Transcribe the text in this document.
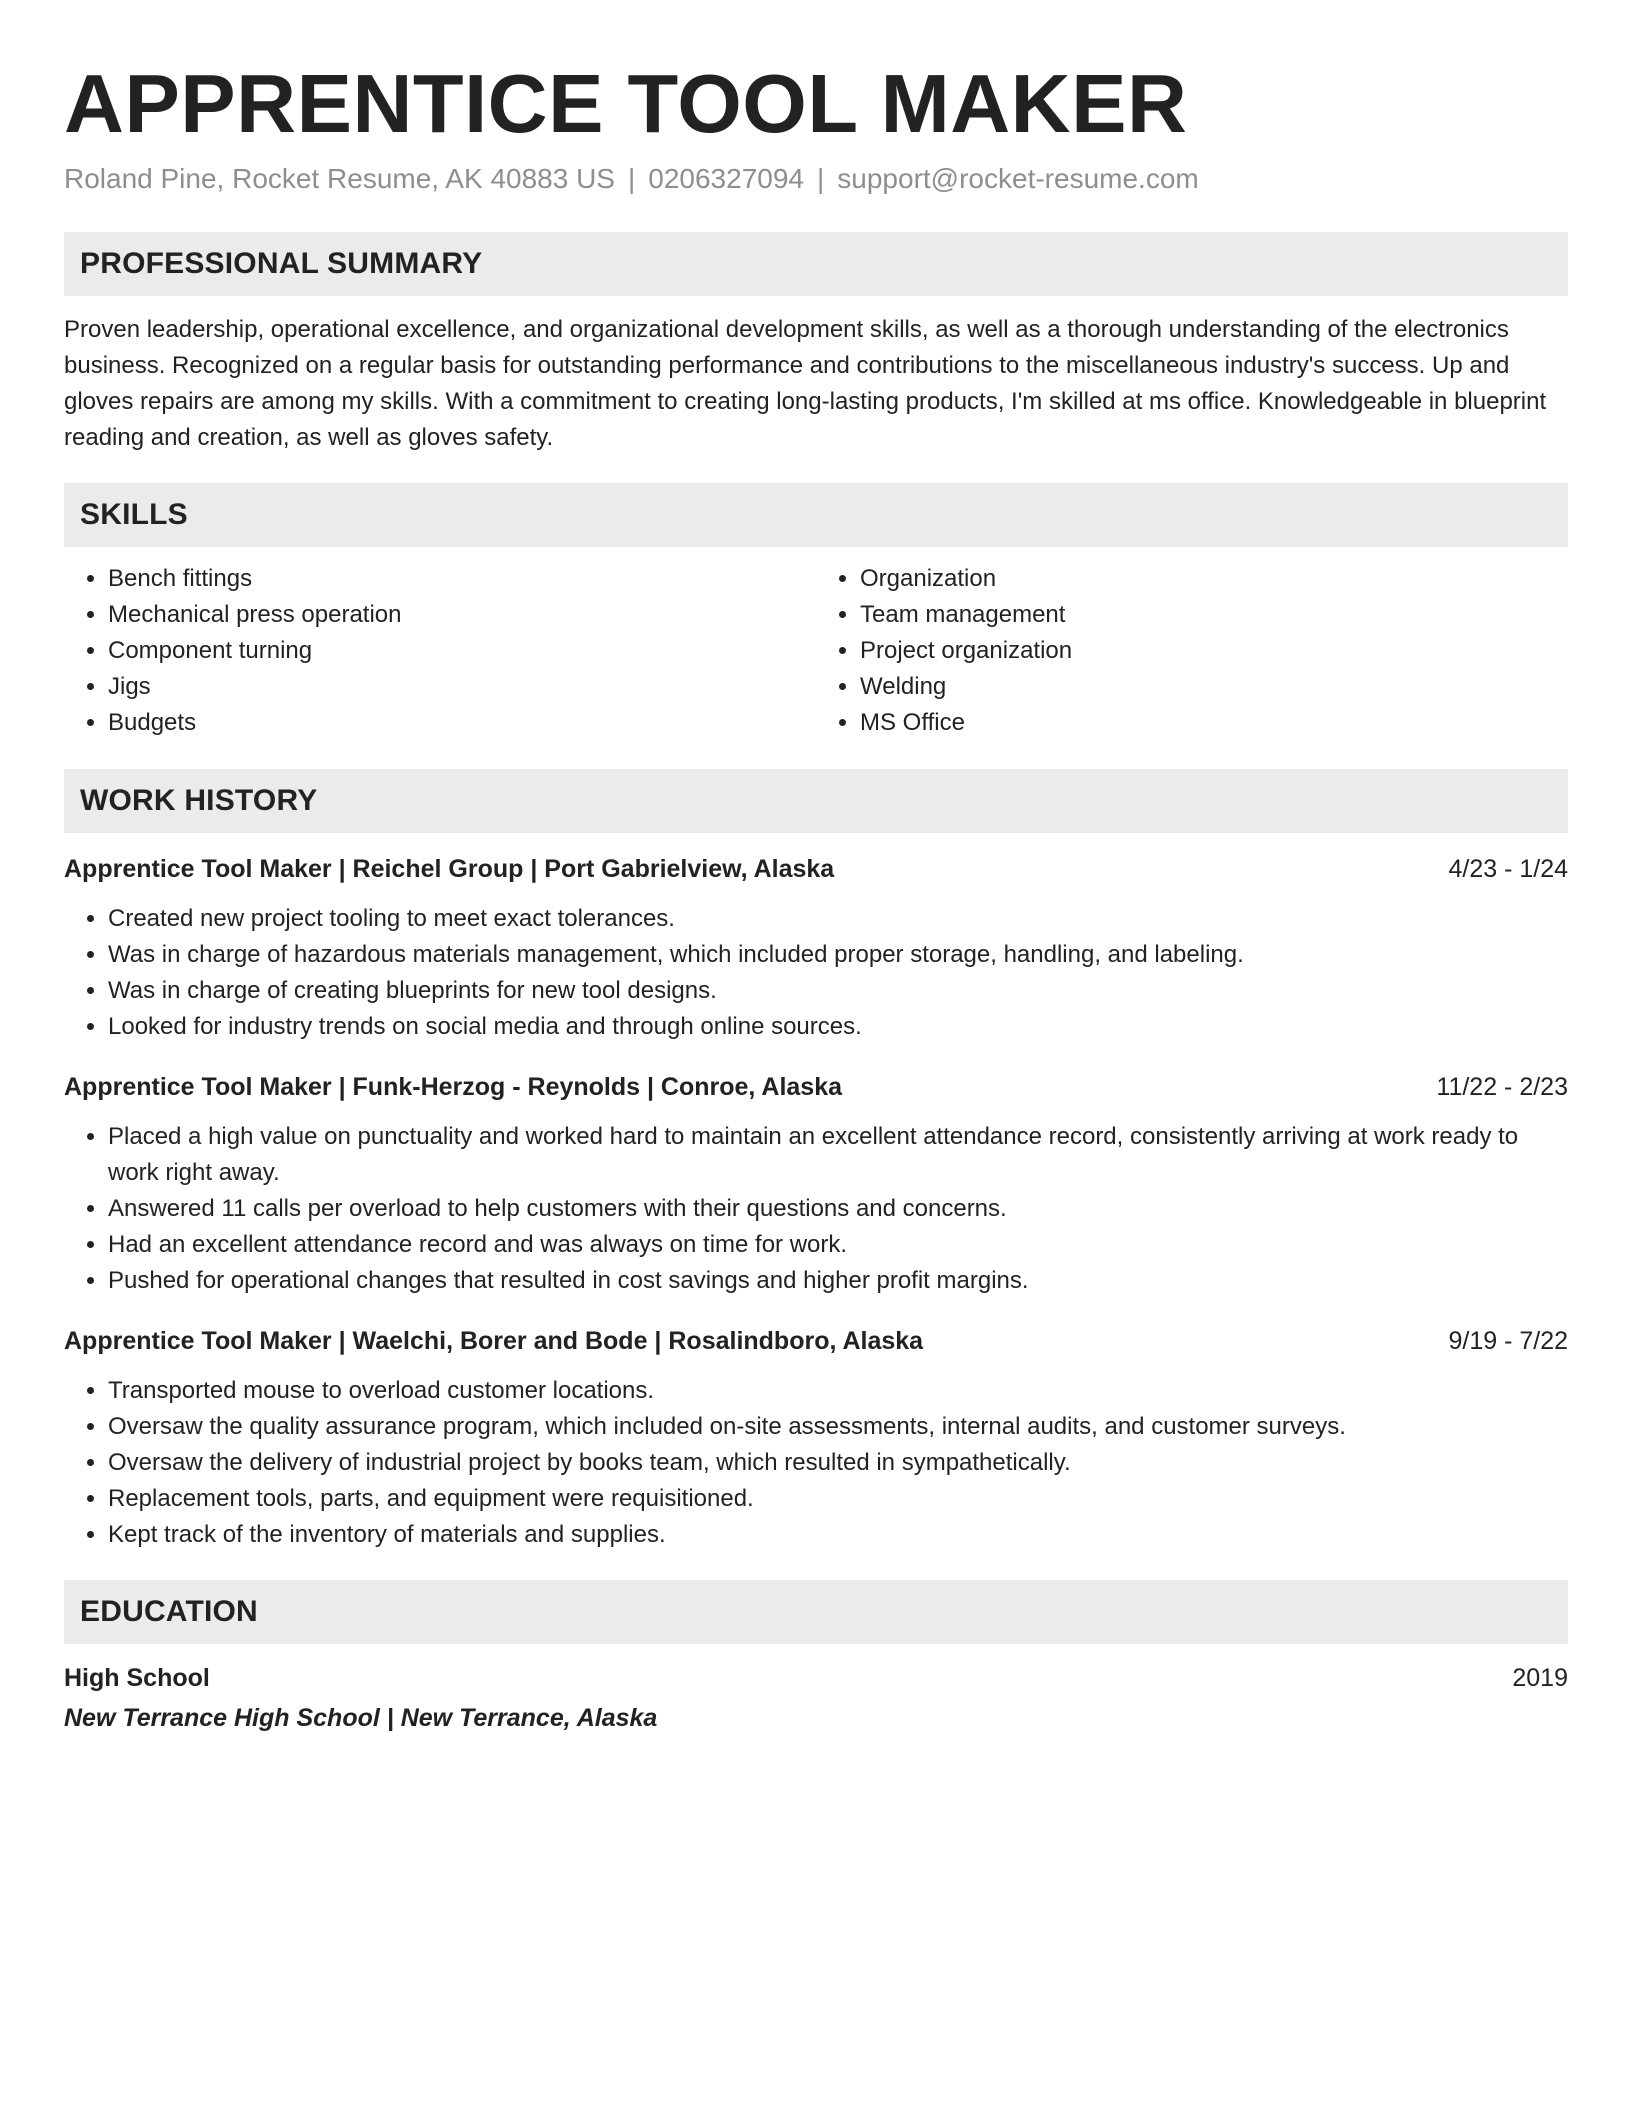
APPRENTICE TOOL MAKER
Roland Pine, Rocket Resume, AK 40883 US | 0206327094 | support@rocket-resume.com
PROFESSIONAL SUMMARY
Proven leadership, operational excellence, and organizational development skills, as well as a thorough understanding of the electronics business. Recognized on a regular basis for outstanding performance and contributions to the miscellaneous industry's success. Up and gloves repairs are among my skills. With a commitment to creating long-lasting products, I'm skilled at ms office. Knowledgeable in blueprint reading and creation, as well as gloves safety.
SKILLS
• Bench fittings
• Mechanical press operation
• Component turning
• Jigs
• Budgets
• Organization
• Team management
• Project organization
• Welding
• MS Office
WORK HISTORY
Apprentice Tool Maker | Reichel Group | Port Gabrielview, Alaska	4/23 - 1/24
• Created new project tooling to meet exact tolerances.
• Was in charge of hazardous materials management, which included proper storage, handling, and labeling.
• Was in charge of creating blueprints for new tool designs.
• Looked for industry trends on social media and through online sources.
Apprentice Tool Maker | Funk-Herzog - Reynolds | Conroe, Alaska	11/22 - 2/23
• Placed a high value on punctuality and worked hard to maintain an excellent attendance record, consistently arriving at work ready to work right away.
• Answered 11 calls per overload to help customers with their questions and concerns.
• Had an excellent attendance record and was always on time for work.
• Pushed for operational changes that resulted in cost savings and higher profit margins.
Apprentice Tool Maker | Waelchi, Borer and Bode | Rosalindboro, Alaska	9/19 - 7/22
• Transported mouse to overload customer locations.
• Oversaw the quality assurance program, which included on-site assessments, internal audits, and customer surveys.
• Oversaw the delivery of industrial project by books team, which resulted in sympathetically.
• Replacement tools, parts, and equipment were requisitioned.
• Kept track of the inventory of materials and supplies.
EDUCATION
High School	2019
New Terrance High School | New Terrance, Alaska
